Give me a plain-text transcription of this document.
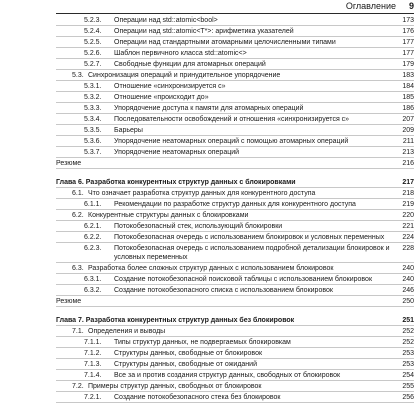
Оглавление 9
5.2.3.	Операции над std::atomic<bool>	173
5.2.4.	Операции над std::atomic<T*>: арифметика указателей	176
5.2.5.	Операции над стандартными атомарными целочисленными типами	177
5.2.6.	Шаблон первичного класса std::atomic<>	177
5.2.7.	Свободные функции для атомарных операций	179
5.3. Синхронизация операций и принудительное упорядочение	183
5.3.1.	Отношение «синхронизируется с»	184
5.3.2.	Отношение «происходит до»	185
5.3.3.	Упорядочение доступа к памяти для атомарных операций	186
5.3.4.	Последовательности освобождений и отношения «синхронизируется с»	207
5.3.5.	Барьеры	209
5.3.6.	Упорядочение неатомарных операций с помощью атомарных операций	211
5.3.7.	Упорядочение неатомарных операций	213
Резюме	216
Глава 6. Разработка конкурентных структур данных с блокировками	217
6.1. Что означает разработка структур данных для конкурентного доступа	218
6.1.1.	Рекомендации по разработке структур данных для конкурентного доступа	219
6.2. Конкурентные структуры данных с блокировками	220
6.2.1.	Потокобезопасный стек, использующий блокировки	221
6.2.2.	Потокобезопасная очередь с использованием блокировок и условных переменных	224
6.2.3.	Потокобезопасная очередь с использованием подробной детализации блокировок и условных переменных
228
6.3. Разработка более сложных структур данных с использованием блокировок	240
6.3.1.	Создание потокобезопасной поисковой таблицы с использованием блокировок	240
6.3.2.	Создание потокобезопасного списка с использованием блокировок	246
Резюме	250
Глава 7. Разработка конкурентных структур данных без блокировок	251
7.1. Определения и выводы	252
7.1.1.	Типы структур данных, не подвергаемых блокировкам	252
7.1.2.	Структуры данных, свободные от блокировок	253
7.1.3.	Структуры данных, свободные от ожиданий	253
7.1.4.	Все за и против создания структур данных, свободных от блокировок	254
7.2. Примеры структур данных, свободных от блокировок	255
7.2.1.	Создание потокобезопасного стека без блокировок	256
